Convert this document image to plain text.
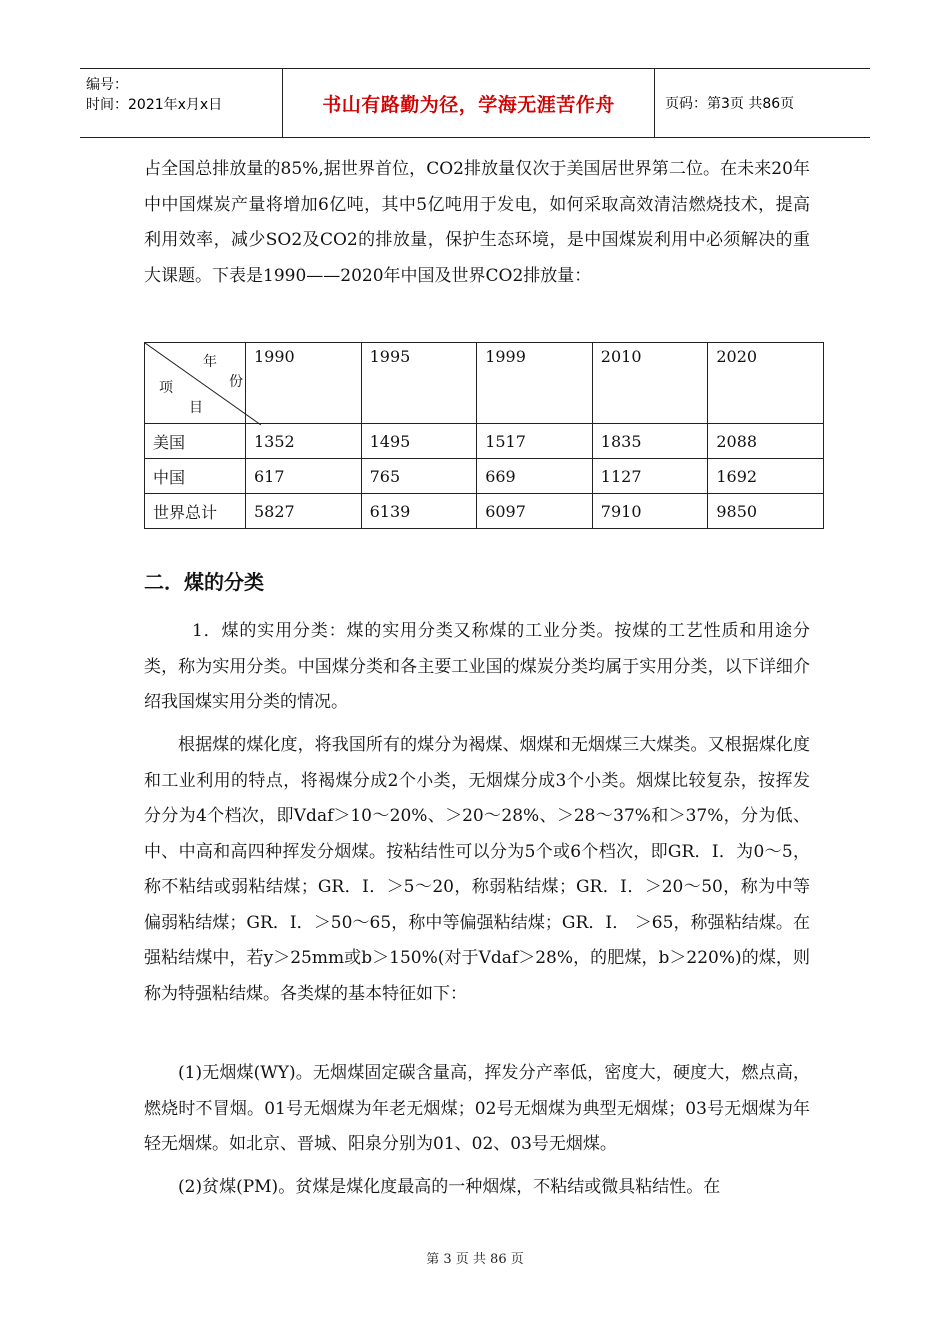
编号：
时间：2021年x月x日	书山有路勤为径，学海无涯苦作舟	页码：第3页 共86页

占全国总排放量的85%,据世界首位，CO2排放量仅次于美国居世界第二位。在未来20年中中国煤炭产量将增加6亿吨，其中5亿吨用于发电，如何采取高效清洁燃烧技术，提高利用效率，减少SO2及CO2的排放量，保护生态环境，是中国煤炭利用中必须解决的重大课题。下表是1990——2020年中国及世界CO2排放量：

年
份
项
目	1990	1995	1999	2010	2020
美国	1352	1495	1517	1835	2088
中国	617	765	669	1127	1692
世界总计	5827	6139	6097	7910	9850
二．煤的分类

1．煤的实用分类：煤的实用分类又称煤的工业分类。按煤的工艺性质和用途分类，称为实用分类。中国煤分类和各主要工业国的煤炭分类均属于实用分类，以下详细介绍我国煤实用分类的情况。

根据煤的煤化度，将我国所有的煤分为褐煤、烟煤和无烟煤三大煤类。又根据煤化度和工业利用的特点，将褐煤分成2个小类，无烟煤分成3个小类。烟煤比较复杂，按挥发分分为4个档次，即Vdaf＞10～20%、＞20～28%、＞28～37%和＞37%，分为低、中、中高和高四种挥发分烟煤。按粘结性可以分为5个或6个档次，即GR．I．为0～5，称不粘结或弱粘结煤；GR．I．＞5～20，称弱粘结煤；GR．I．＞20～50，称为中等偏弱粘结煤；GR．I．＞50～65，称中等偏强粘结煤；GR．I． ＞65，称强粘结煤。在强粘结煤中，若y＞25mm或b＞150%(对于Vdaf＞28%，的肥煤，b＞220%)的煤，则称为特强粘结煤。各类煤的基本特征如下：

(1)无烟煤(WY)。无烟煤固定碳含量高，挥发分产率低，密度大，硬度大，燃点高，燃烧时不冒烟。01号无烟煤为年老无烟煤；02号无烟煤为典型无烟煤；03号无烟煤为年轻无烟煤。如北京、晋城、阳泉分别为01、02、03号无烟煤。

(2)贫煤(PM)。贫煤是煤化度最高的一种烟煤，不粘结或微具粘结性。在

第 3 页 共 86 页
